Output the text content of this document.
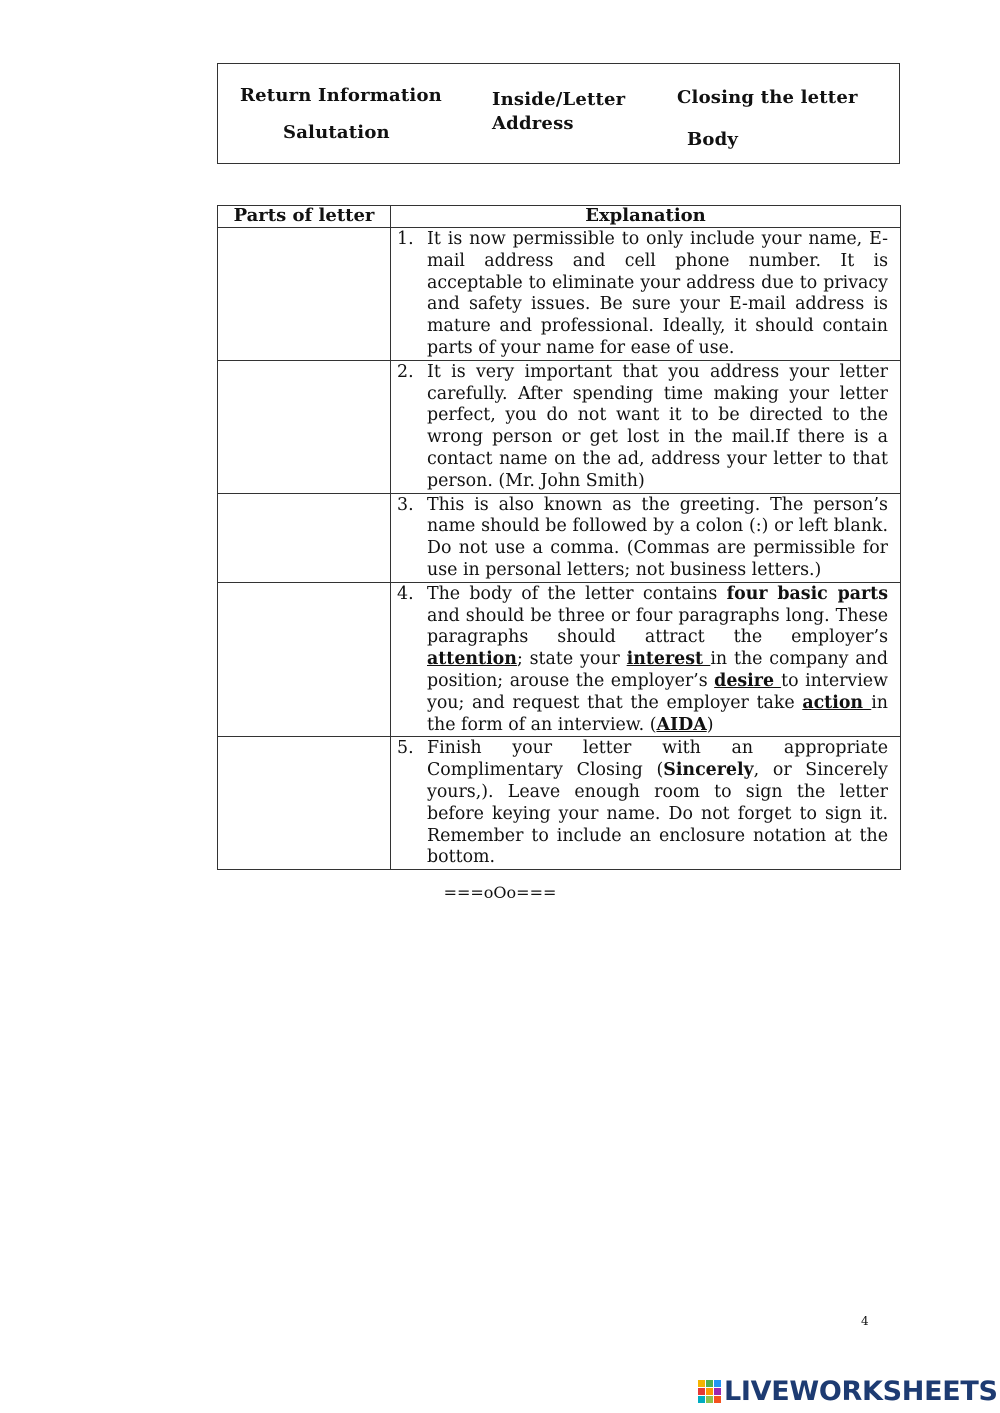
Return Information	Inside/Letter
Address
Closing the letter
Salutation	Body
Parts of letter	Explanation

	1. It is now permissible to only include your name, E-mail address and cell phone number. It is acceptable to eliminate your address due to privacy and safety issues. Be sure your E-mail address is mature and professional. Ideally, it should contain parts of your name for ease of use.

	2. It is very important that you address your letter carefully. After spending time making your letter perfect, you do not want it to be directed to the wrong person or get lost in the mail.If there is a contact name on the ad, address your letter to that person. (Mr. John Smith)

	3. This is also known as the greeting. The person’s name should be followed by a colon (:) or left blank. Do not use a comma. (Commas are permissible for use in personal letters; not business letters.)

	4. The body of the letter contains four basic parts and should be three or four paragraphs long. These paragraphs should attract the employer’s attention; state your interest in the company and position; arouse the employer’s desire to interview you; and request that the employer take action in the form of an interview. (AIDA)

	5. Finish your letter with an appropriate Complimentary Closing (Sincerely, or Sincerely yours,). Leave enough room to sign the letter before keying your name. Do not forget to sign it. Remember to include an enclosure notation at the bottom.
===oOo===
4
LIVEWORKSHEETS
